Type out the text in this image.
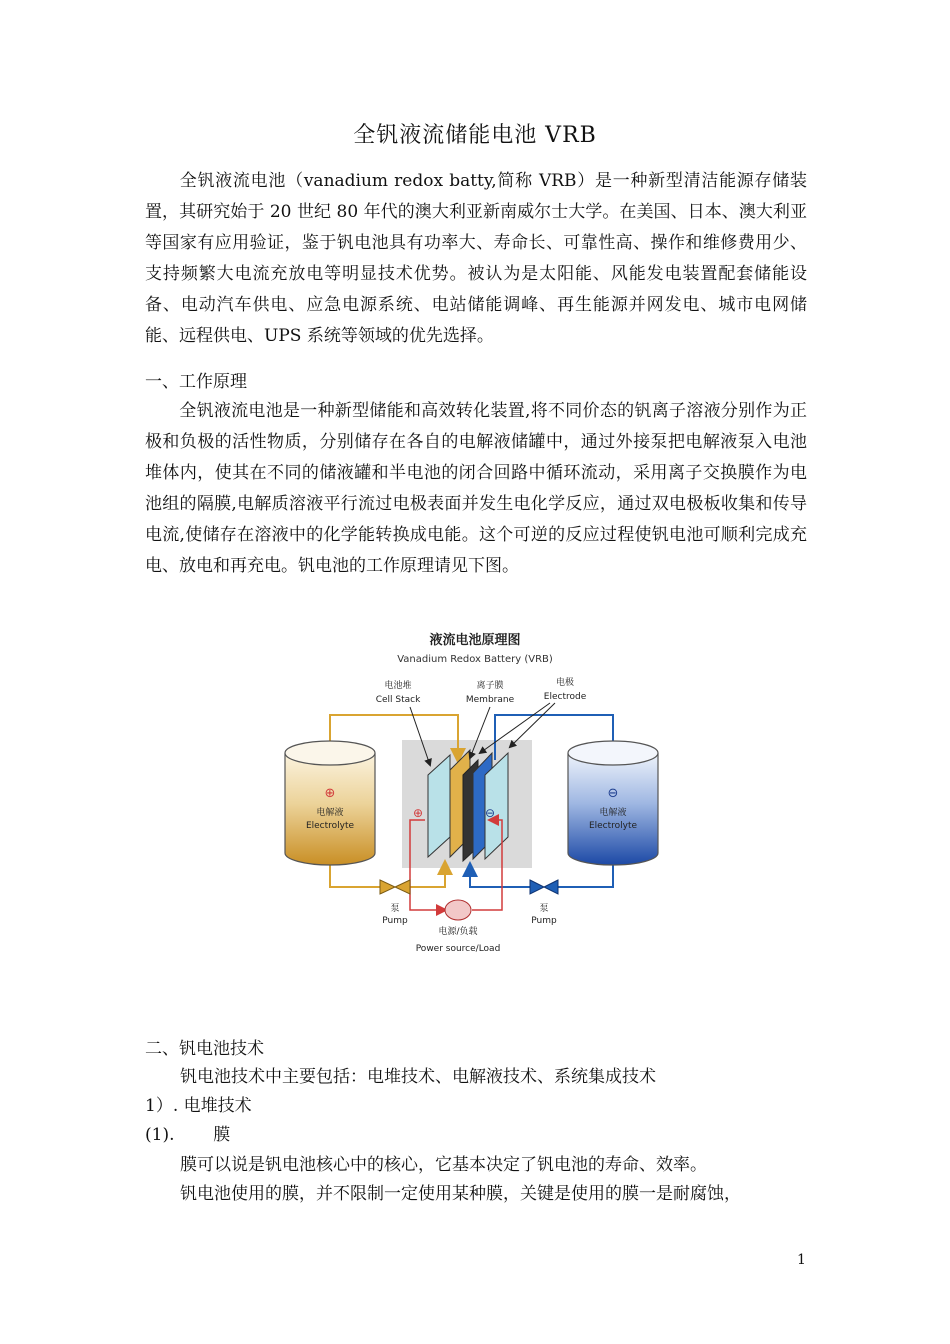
全钒液流储能电池 VRB

全钒液流电池（vanadium redox batty,简称 VRB）是一种新型清洁能源存储装置，其研究始于 20 世纪 80 年代的澳大利亚新南威尔士大学。在美国、日本、澳大利亚等国家有应用验证，鉴于钒电池具有功率大、寿命长、可靠性高、操作和维修费用少、支持频繁大电流充放电等明显技术优势。被认为是太阳能、风能发电装置配套储能设备、电动汽车供电、应急电源系统、电站储能调峰、再生能源并网发电、城市电网储能、远程供电、UPS 系统等领域的优先选择。

一、工作原理

全钒液流电池是一种新型储能和高效转化装置,将不同价态的钒离子溶液分别作为正极和负极的活性物质，分别储存在各自的电解液储罐中，通过外接泵把电解液泵入电池堆体内，使其在不同的储液罐和半电池的闭合回路中循环流动，采用离子交换膜作为电池组的隔膜,电解质溶液平行流过电极表面并发生电化学反应，通过双电极板收集和传导电流,使储存在溶液中的化学能转换成电能。这个可逆的反应过程使钒电池可顺利完成充电、放电和再充电。钒电池的工作原理请见下图。

液流电池原理图
Vanadium Redox Battery (VRB)
电池堆
Cell Stack
离子膜
Membrane
电极
Electrode
⊕
电解液
Electrolyte
⊖
电解液
Electrolyte
⊕	⊖
电源/负载
Power source/Load
泵
Pump
泵
Pump
二、钒电池技术
钒电池技术中主要包括：电堆技术、电解液技术、系统集成技术
1）. 电堆技术
(1). 膜
膜可以说是钒电池核心中的核心，它基本决定了钒电池的寿命、效率。
钒电池使用的膜，并不限制一定使用某种膜，关键是使用的膜一是耐腐蚀，
1
